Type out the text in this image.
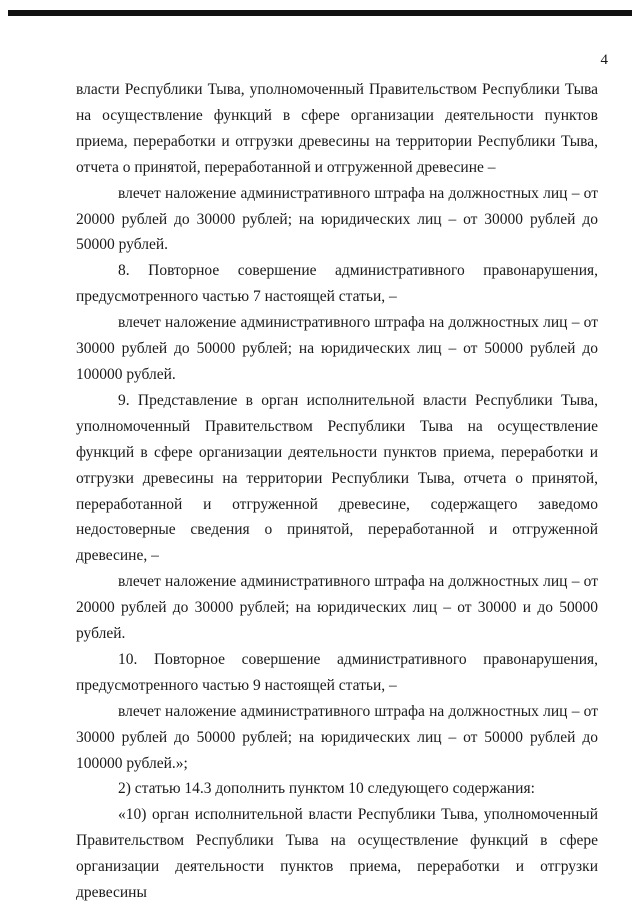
4

власти Республики Тыва, уполномоченный Правительством Республики Тыва на осуществление функций в сфере организации деятельности пунктов приема, переработки и отгрузки древесины на территории Республики Тыва, отчета о принятой, переработанной и отгруженной древесине –

влечет наложение административного штрафа на должностных лиц – от 20000 рублей до 30000 рублей; на юридических лиц – от 30000 рублей до 50000 рублей.

8. Повторное совершение административного правонарушения, предусмотренного частью 7 настоящей статьи, –

влечет наложение административного штрафа на должностных лиц – от 30000 рублей до 50000 рублей; на юридических лиц – от 50000 рублей до 100000 рублей.

9. Представление в орган исполнительной власти Республики Тыва, уполномоченный Правительством Республики Тыва на осуществление функций в сфере организации деятельности пунктов приема, переработки и отгрузки древесины на территории Республики Тыва, отчета о принятой, переработанной и отгруженной древесине, содержащего заведомо недостоверные сведения о принятой, переработанной и отгруженной древесине, –

влечет наложение административного штрафа на должностных лиц – от 20000 рублей до 30000 рублей; на юридических лиц – от 30000 и до 50000 рублей.

10. Повторное совершение административного правонарушения, предусмотренного частью 9 настоящей статьи, –

влечет наложение административного штрафа на должностных лиц – от 30000 рублей до 50000 рублей; на юридических лиц – от 50000 рублей до 100000 рублей.»;

2) статью 14.3 дополнить пунктом 10 следующего содержания:

«10) орган исполнительной власти Республики Тыва, уполномоченный Правительством Республики Тыва на осуществление функций в сфере организации деятельности пунктов приема, переработки и отгрузки древесины
